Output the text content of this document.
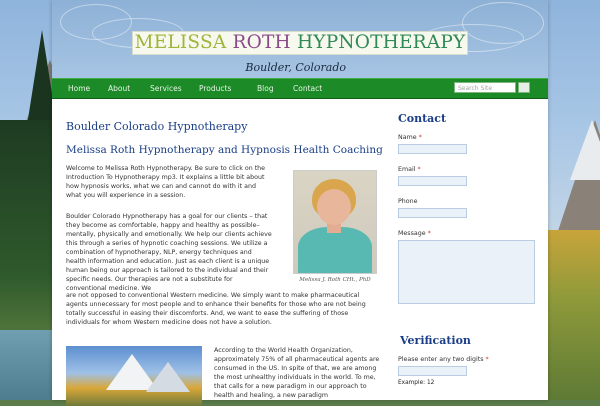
MELISSA ROTH HYPNOTHERAPY
Boulder, Colorado
Home About	Services Products	Blog	Contact	Search Site
Boulder Colorado Hypnotherapy
Melissa Roth Hypnotherapy and Hypnosis Health Coaching

Welcome to Melissa Roth Hypnotherapy. Be sure to click on the Introduction To Hypnotherapy mp3. It explains a little bit about how hypnosis works, what we can and cannot do with it and what you will experience in a session.

Boulder Colorado Hypnotherapy has a goal for our clients – that they become as comfortable, happy and healthy as possible–mentally, physically and emotionally. We help our clients achieve this through a series of hypnotic coaching sessions. We utilize a combination of hypnotherapy, NLP, energy techniques and health information and education. Just as each client is a unique human being our approach is tailored to the individual and their specific needs. Our therapies are not a substitute for conventional medicine. We

are not opposed to conventional Western medicine. We simply want to make pharmaceutical agents unnecessary for most people and to enhance their benefits for those who are not being totally successful in easing their discomforts. And, we want to ease the suffering of those individuals for whom Western medicine does not have a solution.

Melissa J. Roth CHt., PhD

According to the World Health Organization, approximately 75% of all pharmaceutical agents are consumed in the US. In spite of that, we are among the most unhealthy individuals in the world. To me, that calls for a new paradigm in our approach to health and healing, a new paradigm

Contact
Name *
Email *
Phone
Message *
Verification
Please enter any two digits *
Example: 12
